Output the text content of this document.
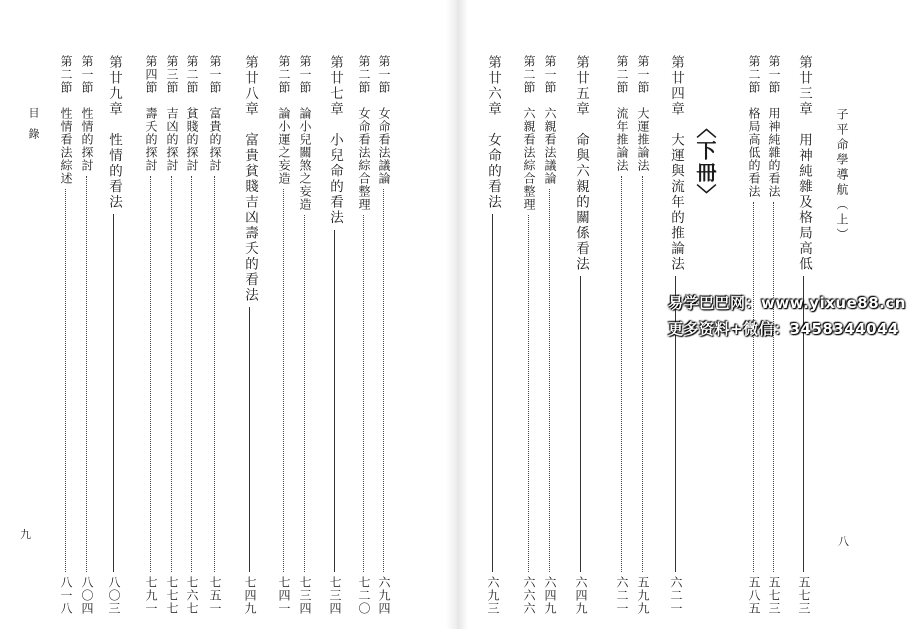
目錄
九
子平命學導航（上）
八
〈下冊〉	第廿三章　用神純雜及格局高低
五七三
第一節　用神純雜的看法
五七三
第二節　格局高低的看法
五八五
第廿四章　大運與流年的推論法
六二一
第一節　大運推論法
五九九
第二節　流年推論法
六二一
第廿五章　命與六親的關係看法
六四九
第一節　六親看法議論
六四九
第二節　六親看法綜合整理
六六六
第廿六章　女命的看法
六九三
第一節　女命看法議論
六九四
第二節　女命看法綜合整理
七二〇
第廿七章　小兒命的看法
七三四
第一節　論小兒關煞之妄造
七三四
第二節　論小運之妄造
七四一
第廿八章　富貴貧賤吉凶壽夭的看法
七四九
第一節　富貴的探討
七五一
第二節　貧賤的探討
七六七
第三節　吉凶的探討
七七七
第四節　壽夭的探討
七九一
第廿九章　性情的看法
八〇三
第一節　性情的探討
八〇四
第二節　性情看法綜述
八一八
易学巴巴网：www.yixue88.cn
更多资料+微信：3458344044
